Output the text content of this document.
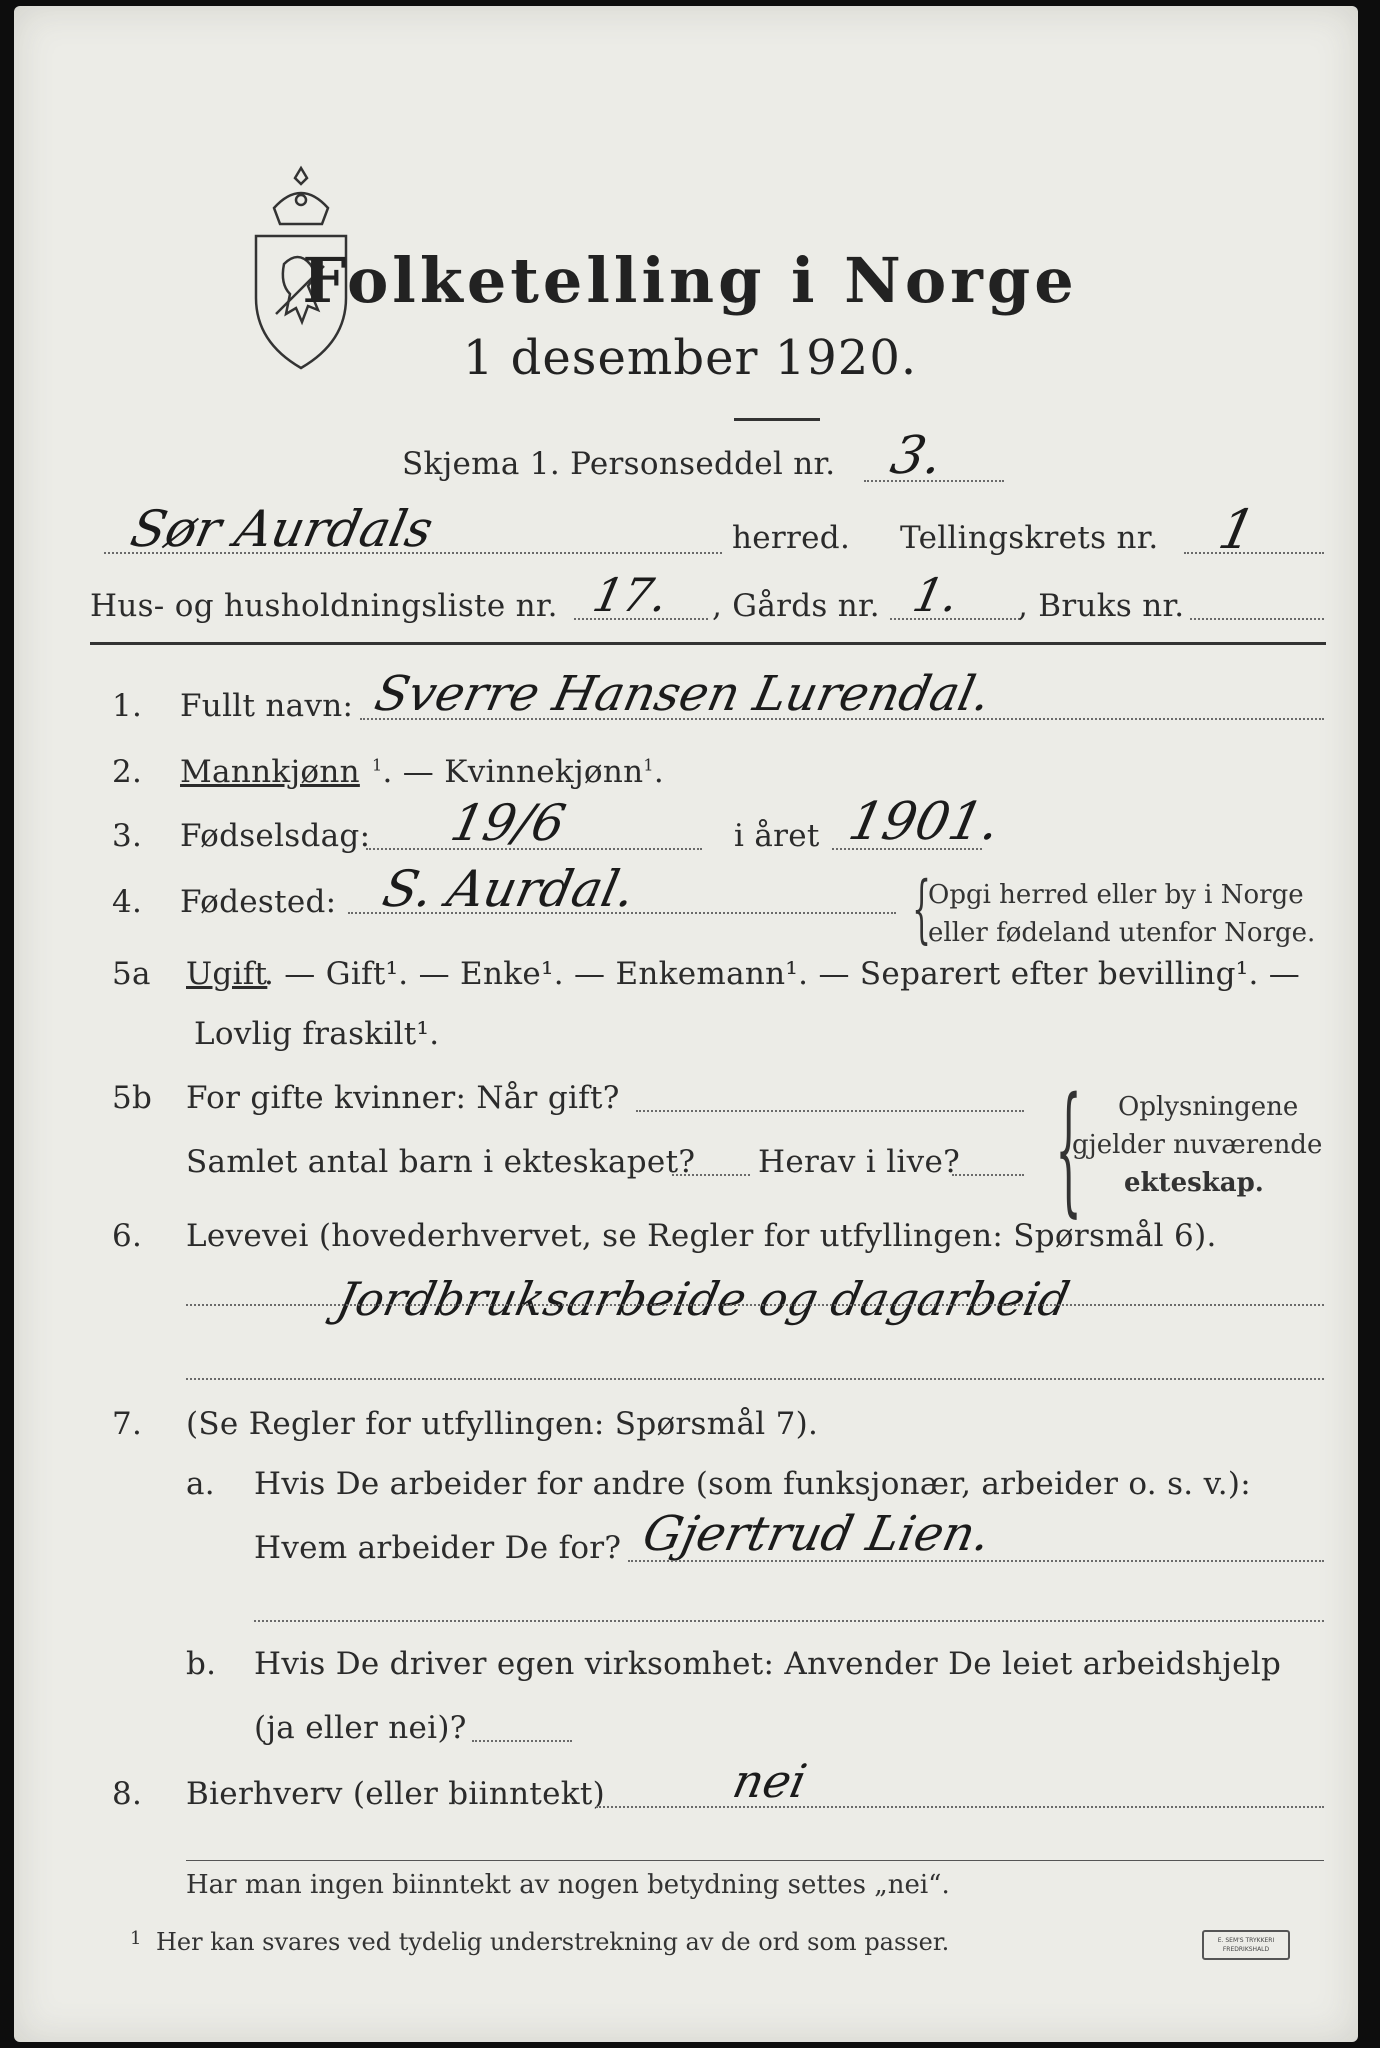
Folketelling i Norge
1 desember 1920.
Skjema 1. Personseddel nr. 3.
Sør Aurdals	herred. Tellingskrets nr. 1
Hus- og husholdningsliste nr. 17. , Gårds nr. 1. , Bruks nr.
1. Fullt navn: Sverre Hansen Lurendal.
2. Mannkjønn $^1$. — Kvinnekjønn$^1$.
3. Fødselsdag: 19/6	i året 1901.
4. Fødested: S. Aurdal.	{
Opgi herred eller by i Norge
eller fødeland utenfor Norge.
5a Ugift
. — Gift¹. — Enke¹. — Enkemann¹. — Separert efter bevilling¹. —
Lovlig fraskilt¹.
5b For gifte kvinner: Når gift?
Samlet antal barn i ekteskapet? Herav i live? { Oplysningene
gjelder nuværende
ekteskap.
6. Levevei (hovederhvervet, se Regler for utfyllingen: Spørsmål 6).
Jordbruksarbeide og dagarbeid
7. (Se Regler for utfyllingen: Spørsmål 7).
a. Hvis De arbeider for andre (som funksjonær, arbeider o. s. v.):
Hvem arbeider De for? Gjertrud Lien.
b. Hvis De driver egen virksomhet: Anvender De leiet arbeidshjelp
(ja eller nei)?
8. Bierhverv (eller biinntekt)	nei
Har man ingen biinntekt av nogen betydning settes „nei“.
1 Her kan svares ved tydelig understrekning av de ord som passer.	E. SEM'S TRYKKERI FREDRIKSHALD
